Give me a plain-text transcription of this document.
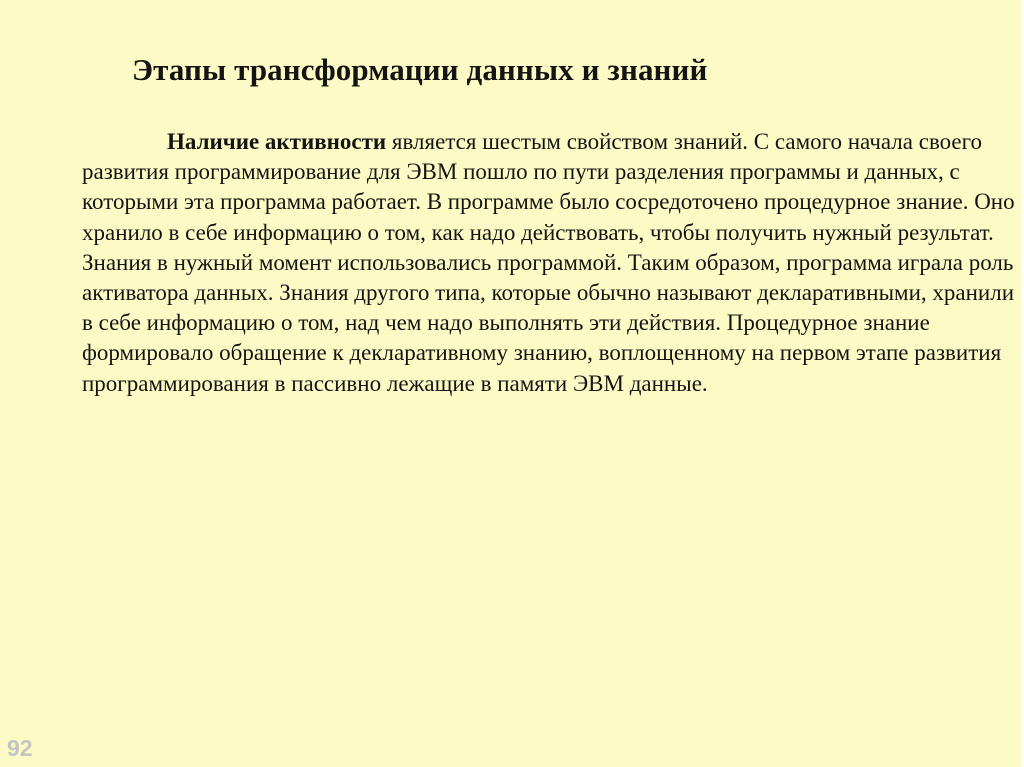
Этапы трансформации данных и знаний

Наличие активности является шестым свойством знаний. С самого начала своего развития программирование для ЭВМ пошло по пути разделения программы и данных, с которыми эта программа работает. В программе было сосредоточено процедурное знание. Оно хранило в себе информацию о том, как надо действовать, чтобы получить нужный результат. Знания в нужный момент использовались программой. Таким образом, программа играла роль активатора данных. Знания другого типа, которые обычно называют декларативными, хранили в себе информацию о том, над чем надо выполнять эти действия. Процедурное знание формировало обращение к декларативному знанию, воплощенному на первом этапе развития программирования в пассивно лежащие в памяти ЭВМ данные.

92
